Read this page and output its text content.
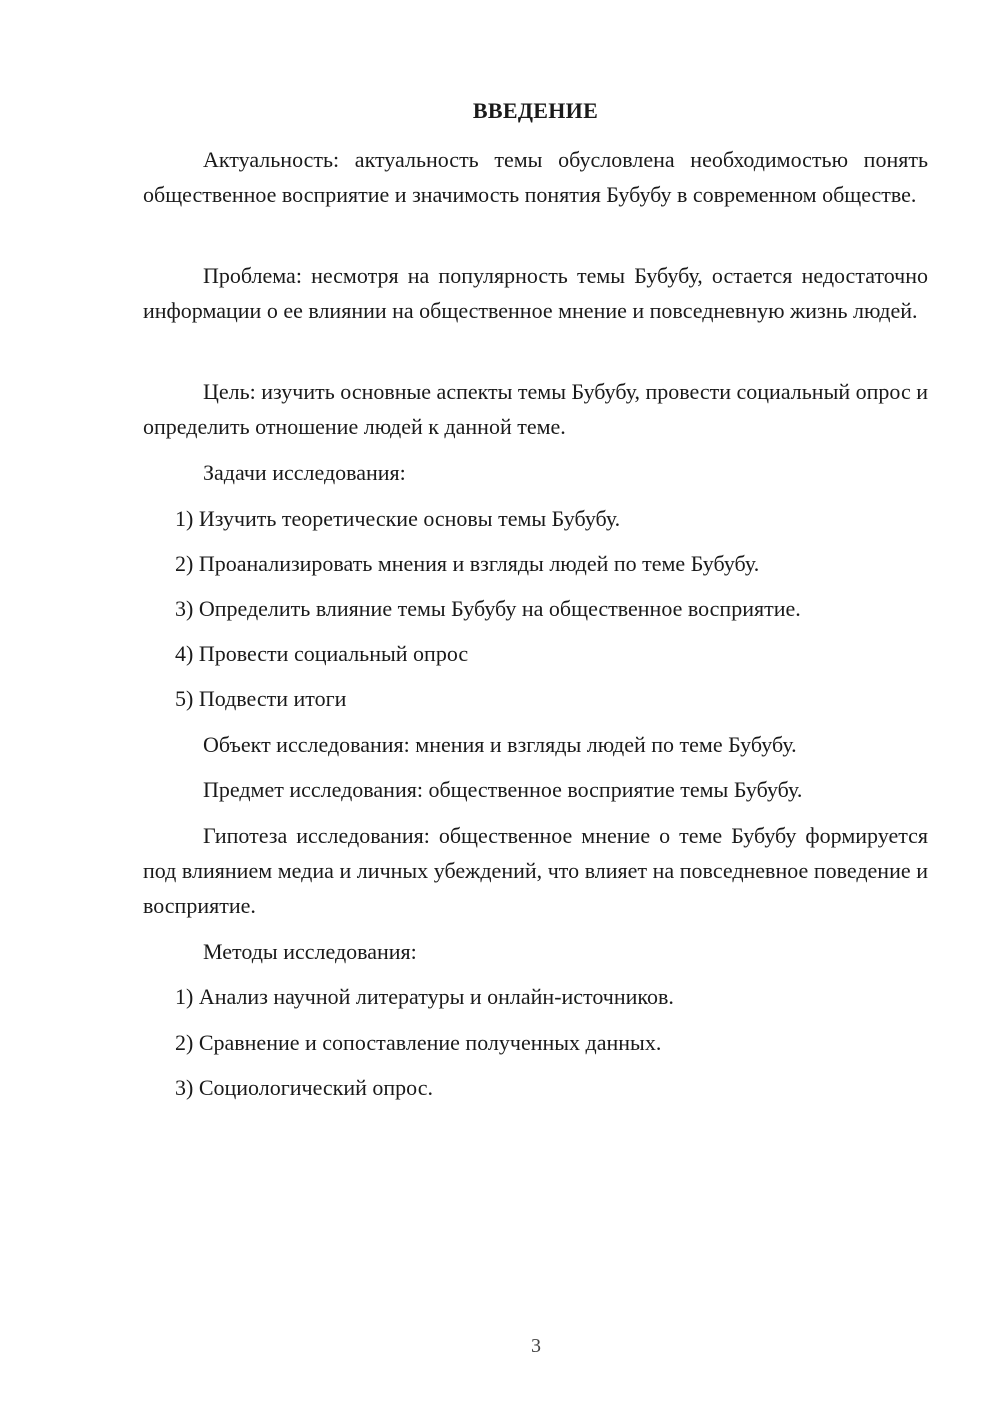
ВВЕДЕНИЕ

Актуальность: актуальность темы обусловлена необходимостью понять общественное восприятие и значимость понятия Бубубу в современном обществе.

Проблема: несмотря на популярность темы Бубубу, остается недостаточно информации о ее влиянии на общественное мнение и повседневную жизнь людей.

Цель: изучить основные аспекты темы Бубубу, провести социальный опрос и определить отношение людей к данной теме.

Задачи исследования:

1) Изучить теоретические основы темы Бубубу.

2) Проанализировать мнения и взгляды людей по теме Бубубу.

3) Определить влияние темы Бубубу на общественное восприятие.

4) Провести социальный опрос

5) Подвести итоги

Объект исследования: мнения и взгляды людей по теме Бубубу.

Предмет исследования: общественное восприятие темы Бубубу.

Гипотеза исследования: общественное мнение о теме Бубубу формируется под влиянием медиа и личных убеждений, что влияет на повседневное поведение и восприятие.

Методы исследования:

1) Анализ научной литературы и онлайн-источников.

2) Сравнение и сопоставление полученных данных.

3) Социологический опрос.

3
